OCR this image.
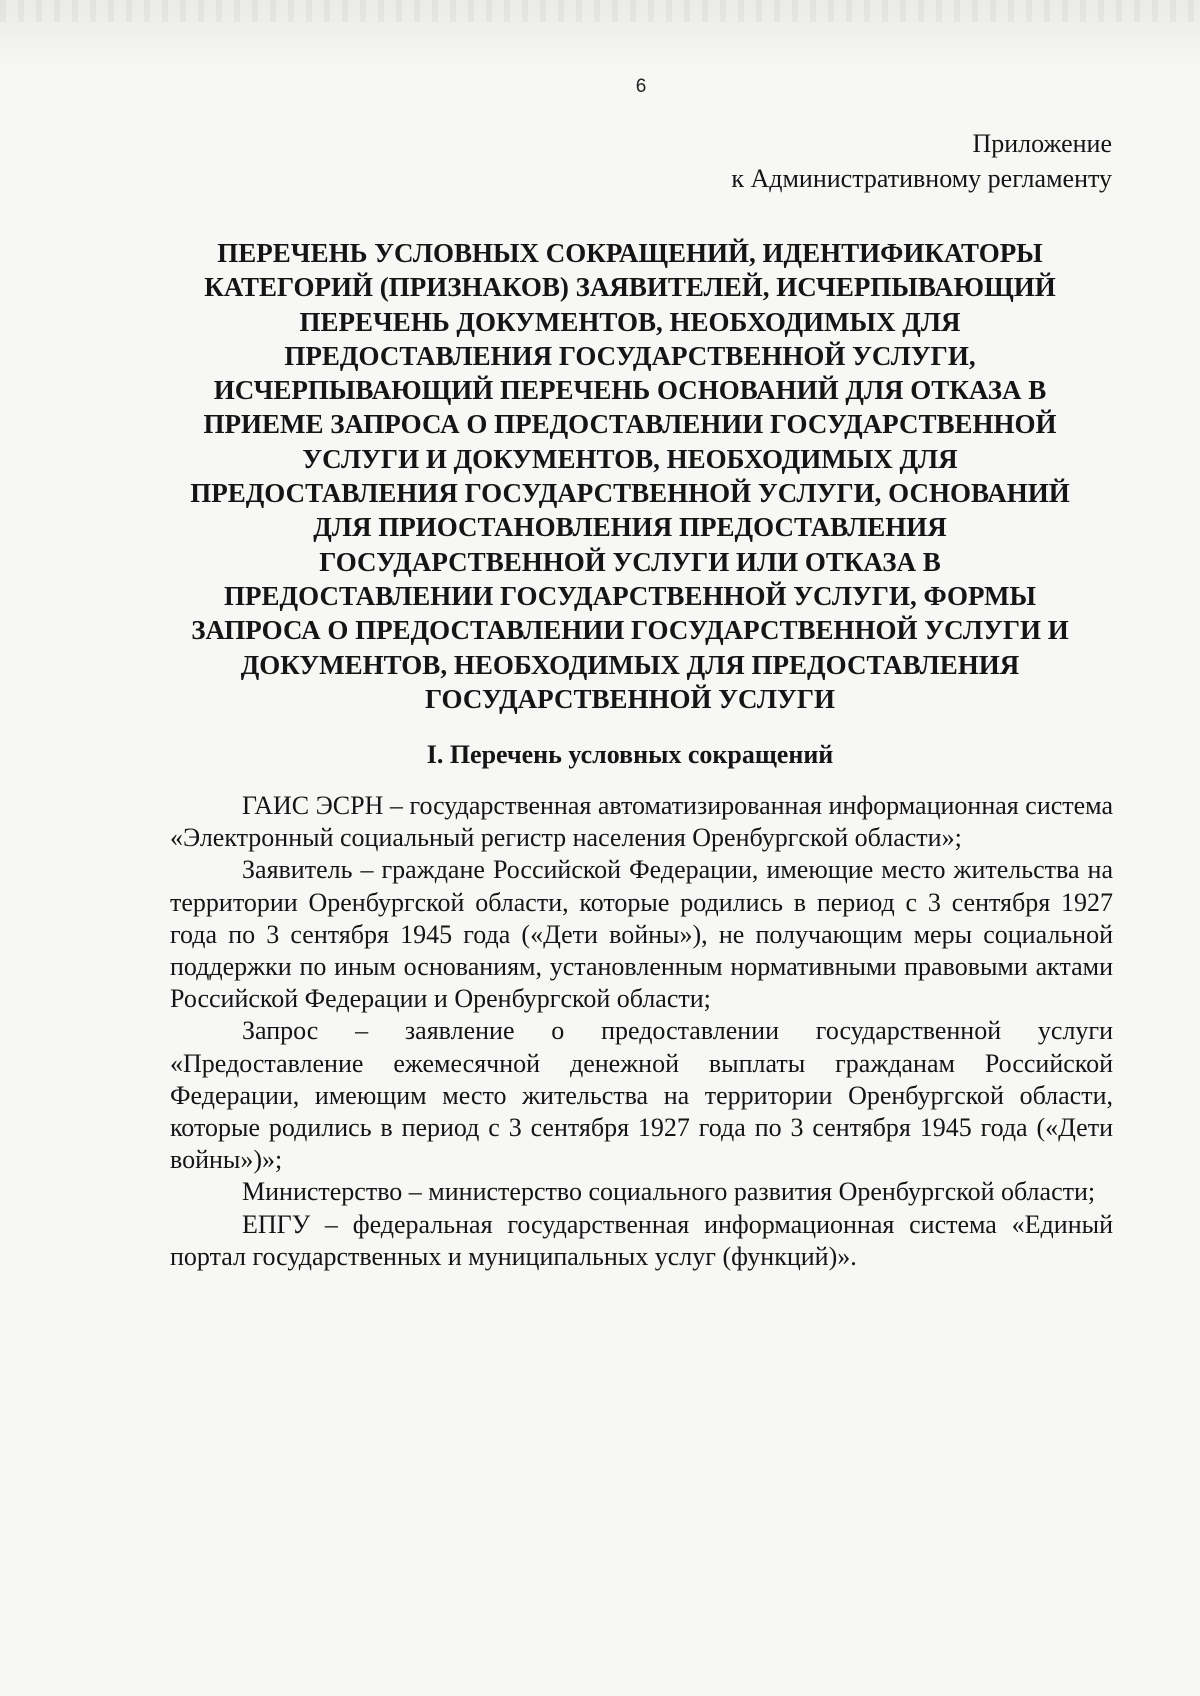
6
Приложение
к Административному регламенту
ПЕРЕЧЕНЬ УСЛОВНЫХ СОКРАЩЕНИЙ, ИДЕНТИФИКАТОРЫ
КАТЕГОРИЙ (ПРИЗНАКОВ) ЗАЯВИТЕЛЕЙ, ИСЧЕРПЫВАЮЩИЙ
ПЕРЕЧЕНЬ ДОКУМЕНТОВ, НЕОБХОДИМЫХ ДЛЯ
ПРЕДОСТАВЛЕНИЯ ГОСУДАРСТВЕННОЙ УСЛУГИ,
ИСЧЕРПЫВАЮЩИЙ ПЕРЕЧЕНЬ ОСНОВАНИЙ ДЛЯ ОТКАЗА В
ПРИЕМЕ ЗАПРОСА О ПРЕДОСТАВЛЕНИИ ГОСУДАРСТВЕННОЙ
УСЛУГИ И ДОКУМЕНТОВ, НЕОБХОДИМЫХ ДЛЯ
ПРЕДОСТАВЛЕНИЯ ГОСУДАРСТВЕННОЙ УСЛУГИ, ОСНОВАНИЙ
ДЛЯ ПРИОСТАНОВЛЕНИЯ ПРЕДОСТАВЛЕНИЯ
ГОСУДАРСТВЕННОЙ УСЛУГИ ИЛИ ОТКАЗА В
ПРЕДОСТАВЛЕНИИ ГОСУДАРСТВЕННОЙ УСЛУГИ, ФОРМЫ
ЗАПРОСА О ПРЕДОСТАВЛЕНИИ ГОСУДАРСТВЕННОЙ УСЛУГИ И
ДОКУМЕНТОВ, НЕОБХОДИМЫХ ДЛЯ ПРЕДОСТАВЛЕНИЯ
ГОСУДАРСТВЕННОЙ УСЛУГИ
I. Перечень условных сокращений

ГАИС ЭСРН – государственная автоматизированная информационная система «Электронный социальный регистр населения Оренбургской области»;

Заявитель – граждане Российской Федерации, имеющие место жительства на территории Оренбургской области, которые родились в период с 3 сентября 1927 года по 3 сентября 1945 года («Дети войны»), не получающим меры социальной поддержки по иным основаниям, установленным нормативными правовыми актами Российской Федерации и Оренбургской области;

Запрос – заявление о предоставлении государственной услуги «Предоставление ежемесячной денежной выплаты гражданам Российской Федерации, имеющим место жительства на территории Оренбургской области, которые родились в период с 3 сентября 1927 года по 3 сентября 1945 года («Дети войны»)»;

Министерство – министерство социального развития Оренбургской области;

ЕПГУ – федеральная государственная информационная система «Единый портал государственных и муниципальных услуг (функций)».
